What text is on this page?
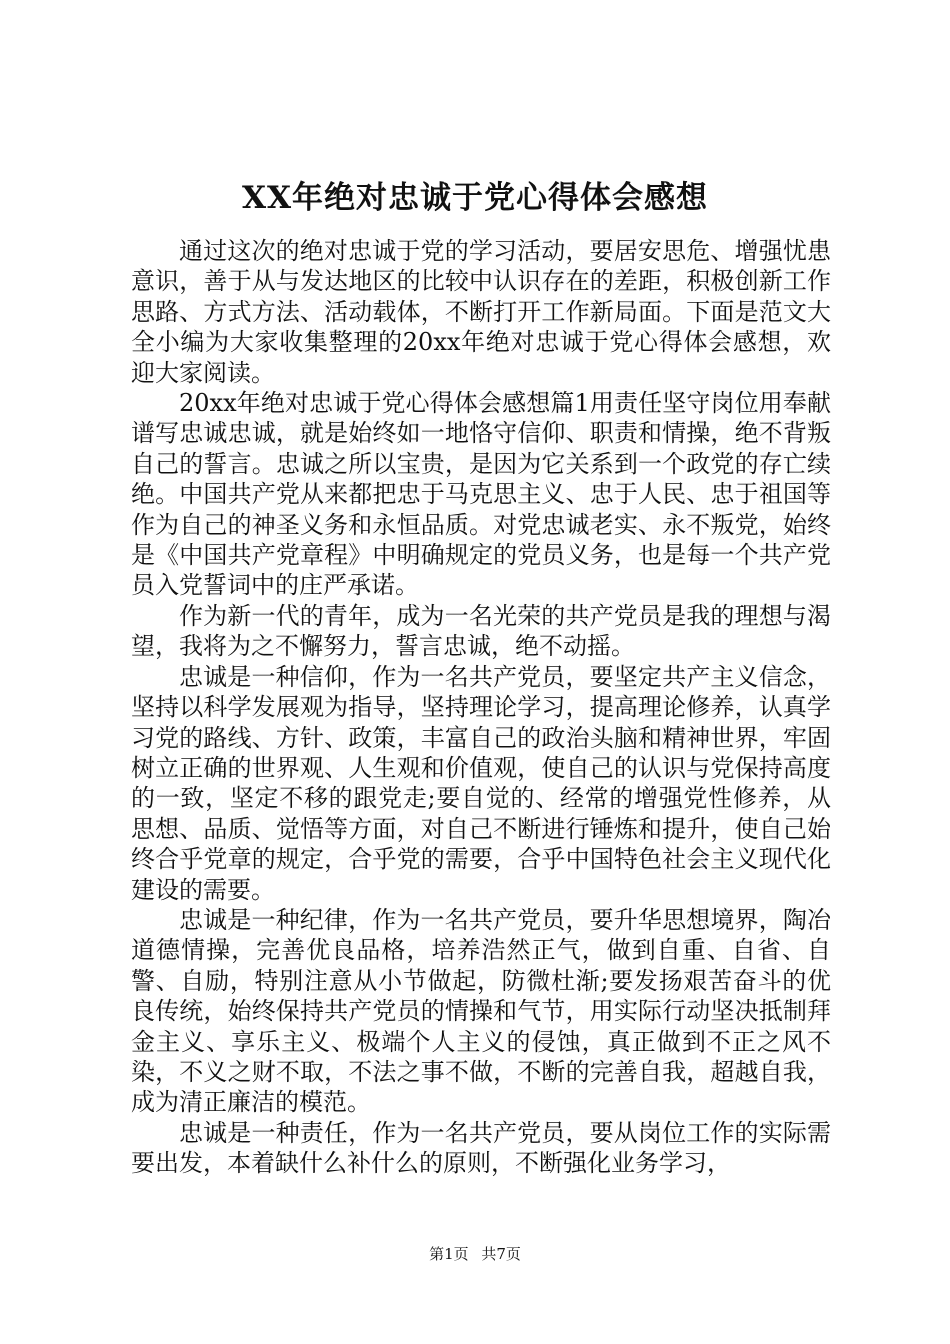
XX年绝对忠诚于党心得体会感想

通过这次的绝对忠诚于党的学习活动，要居安思危、增强忧患意识，善于从与发达地区的比较中认识存在的差距，积极创新工作思路、方式方法、活动载体，不断打开工作新局面。下面是范文大全小编为大家收集整理的20xx年绝对忠诚于党心得体会感想，欢迎大家阅读。

20xx年绝对忠诚于党心得体会感想篇1用责任坚守岗位用奉献谱写忠诚忠诚，就是始终如一地恪守信仰、职责和情操，绝不背叛自己的誓言。忠诚之所以宝贵，是因为它关系到一个政党的存亡续绝。中国共产党从来都把忠于马克思主义、忠于人民、忠于祖国等作为自己的神圣义务和永恒品质。对党忠诚老实、永不叛党，始终是《中国共产党章程》中明确规定的党员义务，也是每一个共产党员入党誓词中的庄严承诺。

作为新一代的青年，成为一名光荣的共产党员是我的理想与渴望，我将为之不懈努力，誓言忠诚，绝不动摇。

忠诚是一种信仰，作为一名共产党员，要坚定共产主义信念，坚持以科学发展观为指导，坚持理论学习，提高理论修养，认真学习党的路线、方针、政策，丰富自己的政治头脑和精神世界，牢固树立正确的世界观、人生观和价值观，使自己的认识与党保持高度的一致，坚定不移的跟党走;要自觉的、经常的增强党性修养，从思想、品质、觉悟等方面，对自己不断进行锤炼和提升，使自己始终合乎党章的规定，合乎党的需要，合乎中国特色社会主义现代化建设的需要。

忠诚是一种纪律，作为一名共产党员，要升华思想境界，陶冶道德情操，完善优良品格，培养浩然正气，做到自重、自省、自警、自励，特别注意从小节做起，防微杜渐;要发扬艰苦奋斗的优良传统，始终保持共产党员的情操和气节，用实际行动坚决抵制拜金主义、享乐主义、极端个人主义的侵蚀，真正做到不正之风不染，不义之财不取，不法之事不做，不断的完善自我，超越自我，成为清正廉洁的模范。

忠诚是一种责任，作为一名共产党员，要从岗位工作的实际需要出发，本着缺什么补什么的原则，不断强化业务学习，

第1页 共7页
